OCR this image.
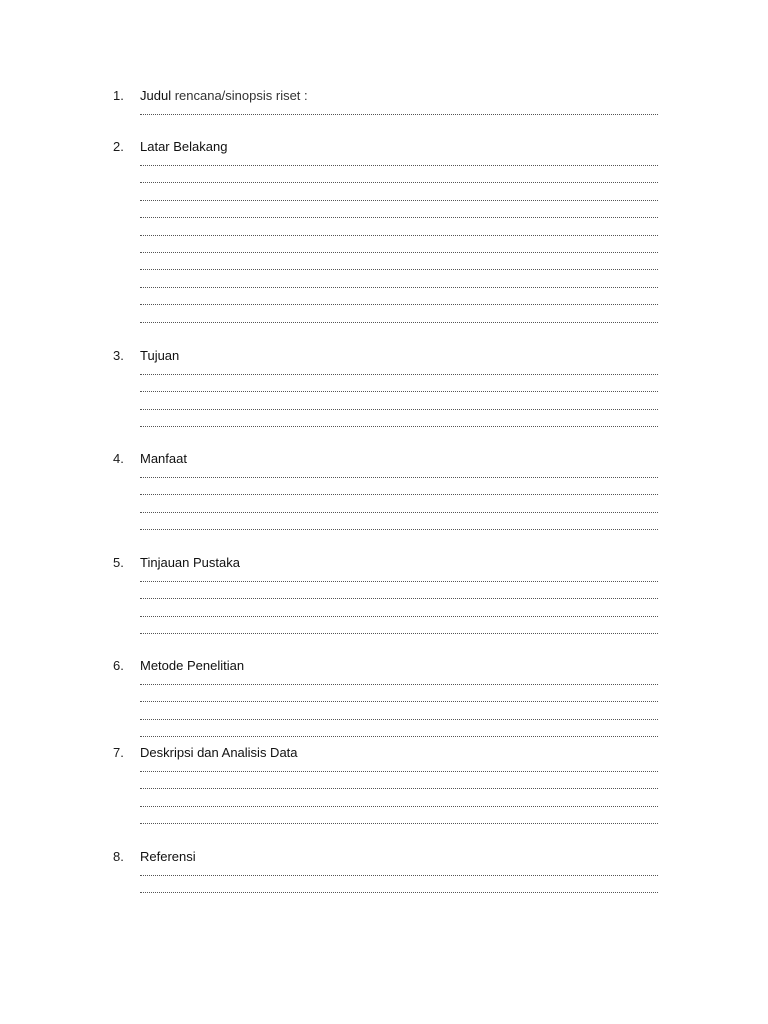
1. Judul rencana/sinopsis riset :
2. Latar Belakang
3. Tujuan
4. Manfaat
5. Tinjauan Pustaka
6. Metode Penelitian
7. Deskripsi dan Analisis Data
8. Referensi
